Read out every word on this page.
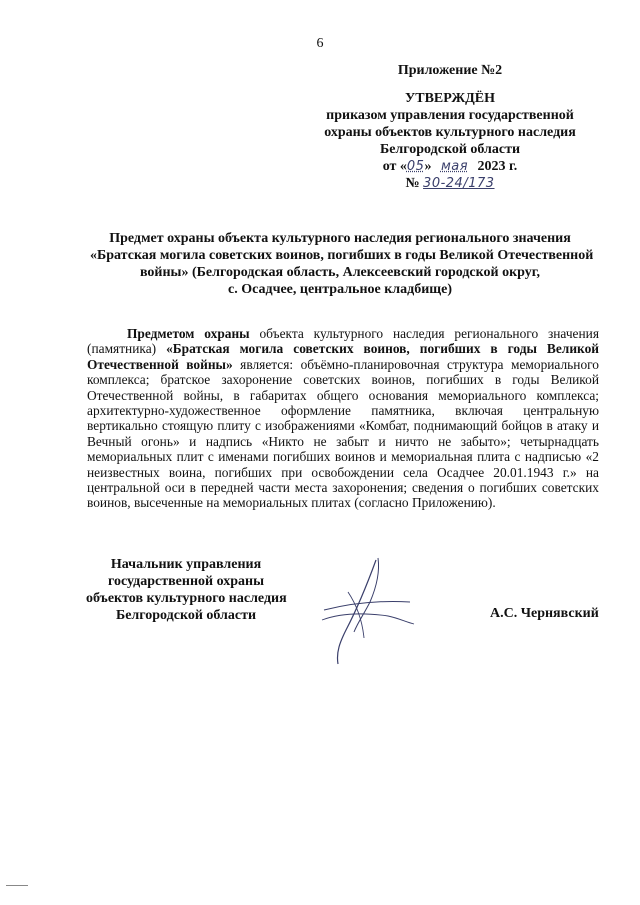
6
Приложение №2
УТВЕРЖДЁН
приказом управления государственной
охраны объектов культурного наследия
Белгородской области
от «05» мая 2023 г.
№ 30-24/173
Предмет охраны объекта культурного наследия регионального значения
«Братская могила советских воинов, погибших в годы Великой Отечественной
войны» (Белгородская область, Алексеевский городской округ,
с. Осадчее, центральное кладбище)

Предметом охраны объекта культурного наследия регионального значения (памятника) «Братская могила советских воинов, погибших в годы Великой Отечественной войны» является: объёмно-планировочная структура мемориального комплекса; братское захоронение советских воинов, погибших в годы Великой Отечественной войны, в габаритах общего основания мемориального комплекса; архитектурно-художественное оформление памятника, включая центральную вертикально стоящую плиту с изображениями «Комбат, поднимающий бойцов в атаку и Вечный огонь» и надпись «Никто не забыт и ничто не забыто»; четырнадцать мемориальных плит с именами погибших воинов и мемориальная плита с надписью «2 неизвестных воина, погибших при освобождении села Осадчее 20.01.1943 г.» на центральной оси в передней части места захоронения; сведения о погибших советских воинов, высеченные на мемориальных плитах (согласно Приложению).

Начальник управления
государственной охраны
объектов культурного наследия
Белгородской области	А.С. Чернявский
